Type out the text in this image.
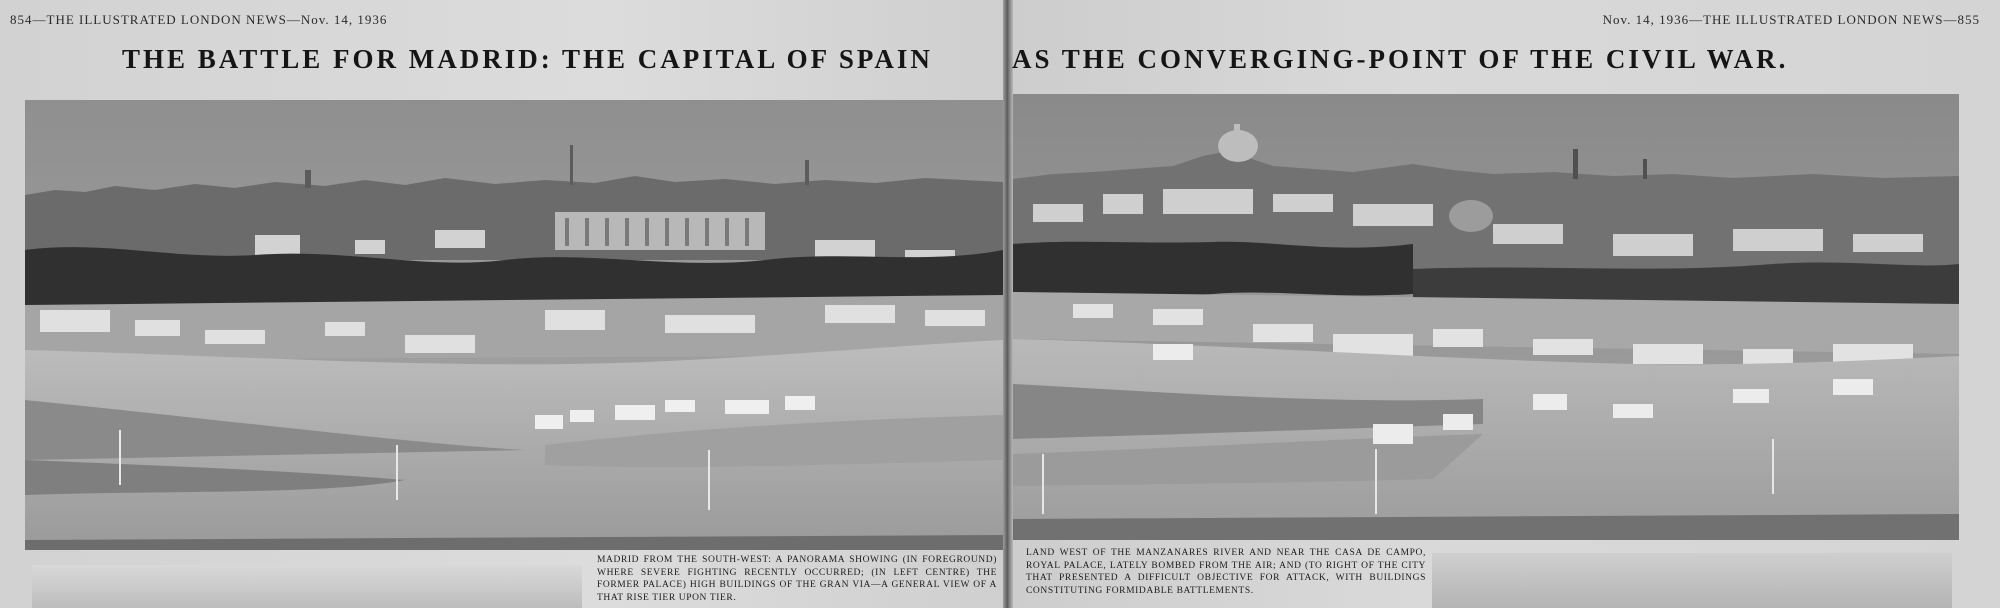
854—THE ILLUSTRATED LONDON NEWS—Nov. 14, 1936	Nov. 14, 1936—THE ILLUSTRATED LONDON NEWS—855
THE BATTLE FOR MADRID: THE CAPITAL OF SPAIN	AS THE CONVERGING-POINT OF THE CIVIL WAR.
MADRID FROM THE SOUTH-WEST: A PANORAMA SHOWING (IN FOREGROUND) WHERE SEVERE FIGHTING RECENTLY OCCURRED; (IN LEFT CENTRE) THE FORMER PALACE) HIGH BUILDINGS OF THE GRAN VIA—A GENERAL VIEW OF A THAT RISE TIER UPON TIER.
LAND WEST OF THE MANZANARES RIVER AND NEAR THE CASA DE CAMPO, ROYAL PALACE, LATELY BOMBED FROM THE AIR; AND (TO RIGHT OF THE CITY THAT PRESENTED A DIFFICULT OBJECTIVE FOR ATTACK, WITH BUILDINGS CONSTITUTING FORMIDABLE BATTLEMENTS.
